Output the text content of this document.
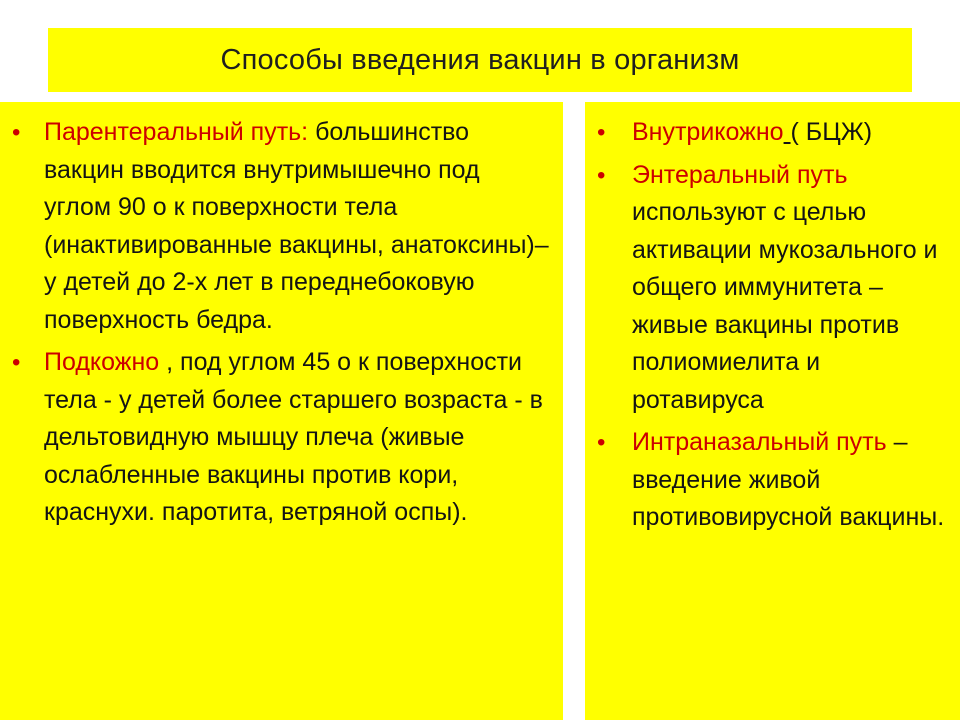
Способы введения вакцин в организм
• Парентеральный путь: большинство вакцин вводится внутримышечно под углом 90 о к поверхности тела (инактивированные вакцины, анатоксины)–у детей до 2-х лет в переднебоковую поверхность бедра.
• Подкожно , под углом 45 о к поверхности тела - у детей более старшего возраста - в дельтовидную мышцу плеча (живые ослабленные вакцины против кори, краснухи. паротита, ветряной оспы).
• Внутрикожно ( БЦЖ)
• Энтеральный путь используют с целью активации мукозального и общего иммунитета –живые вакцины против полиомиелита и ротавируса
• Интраназальный путь –введение живой противовирусной вакцины.
